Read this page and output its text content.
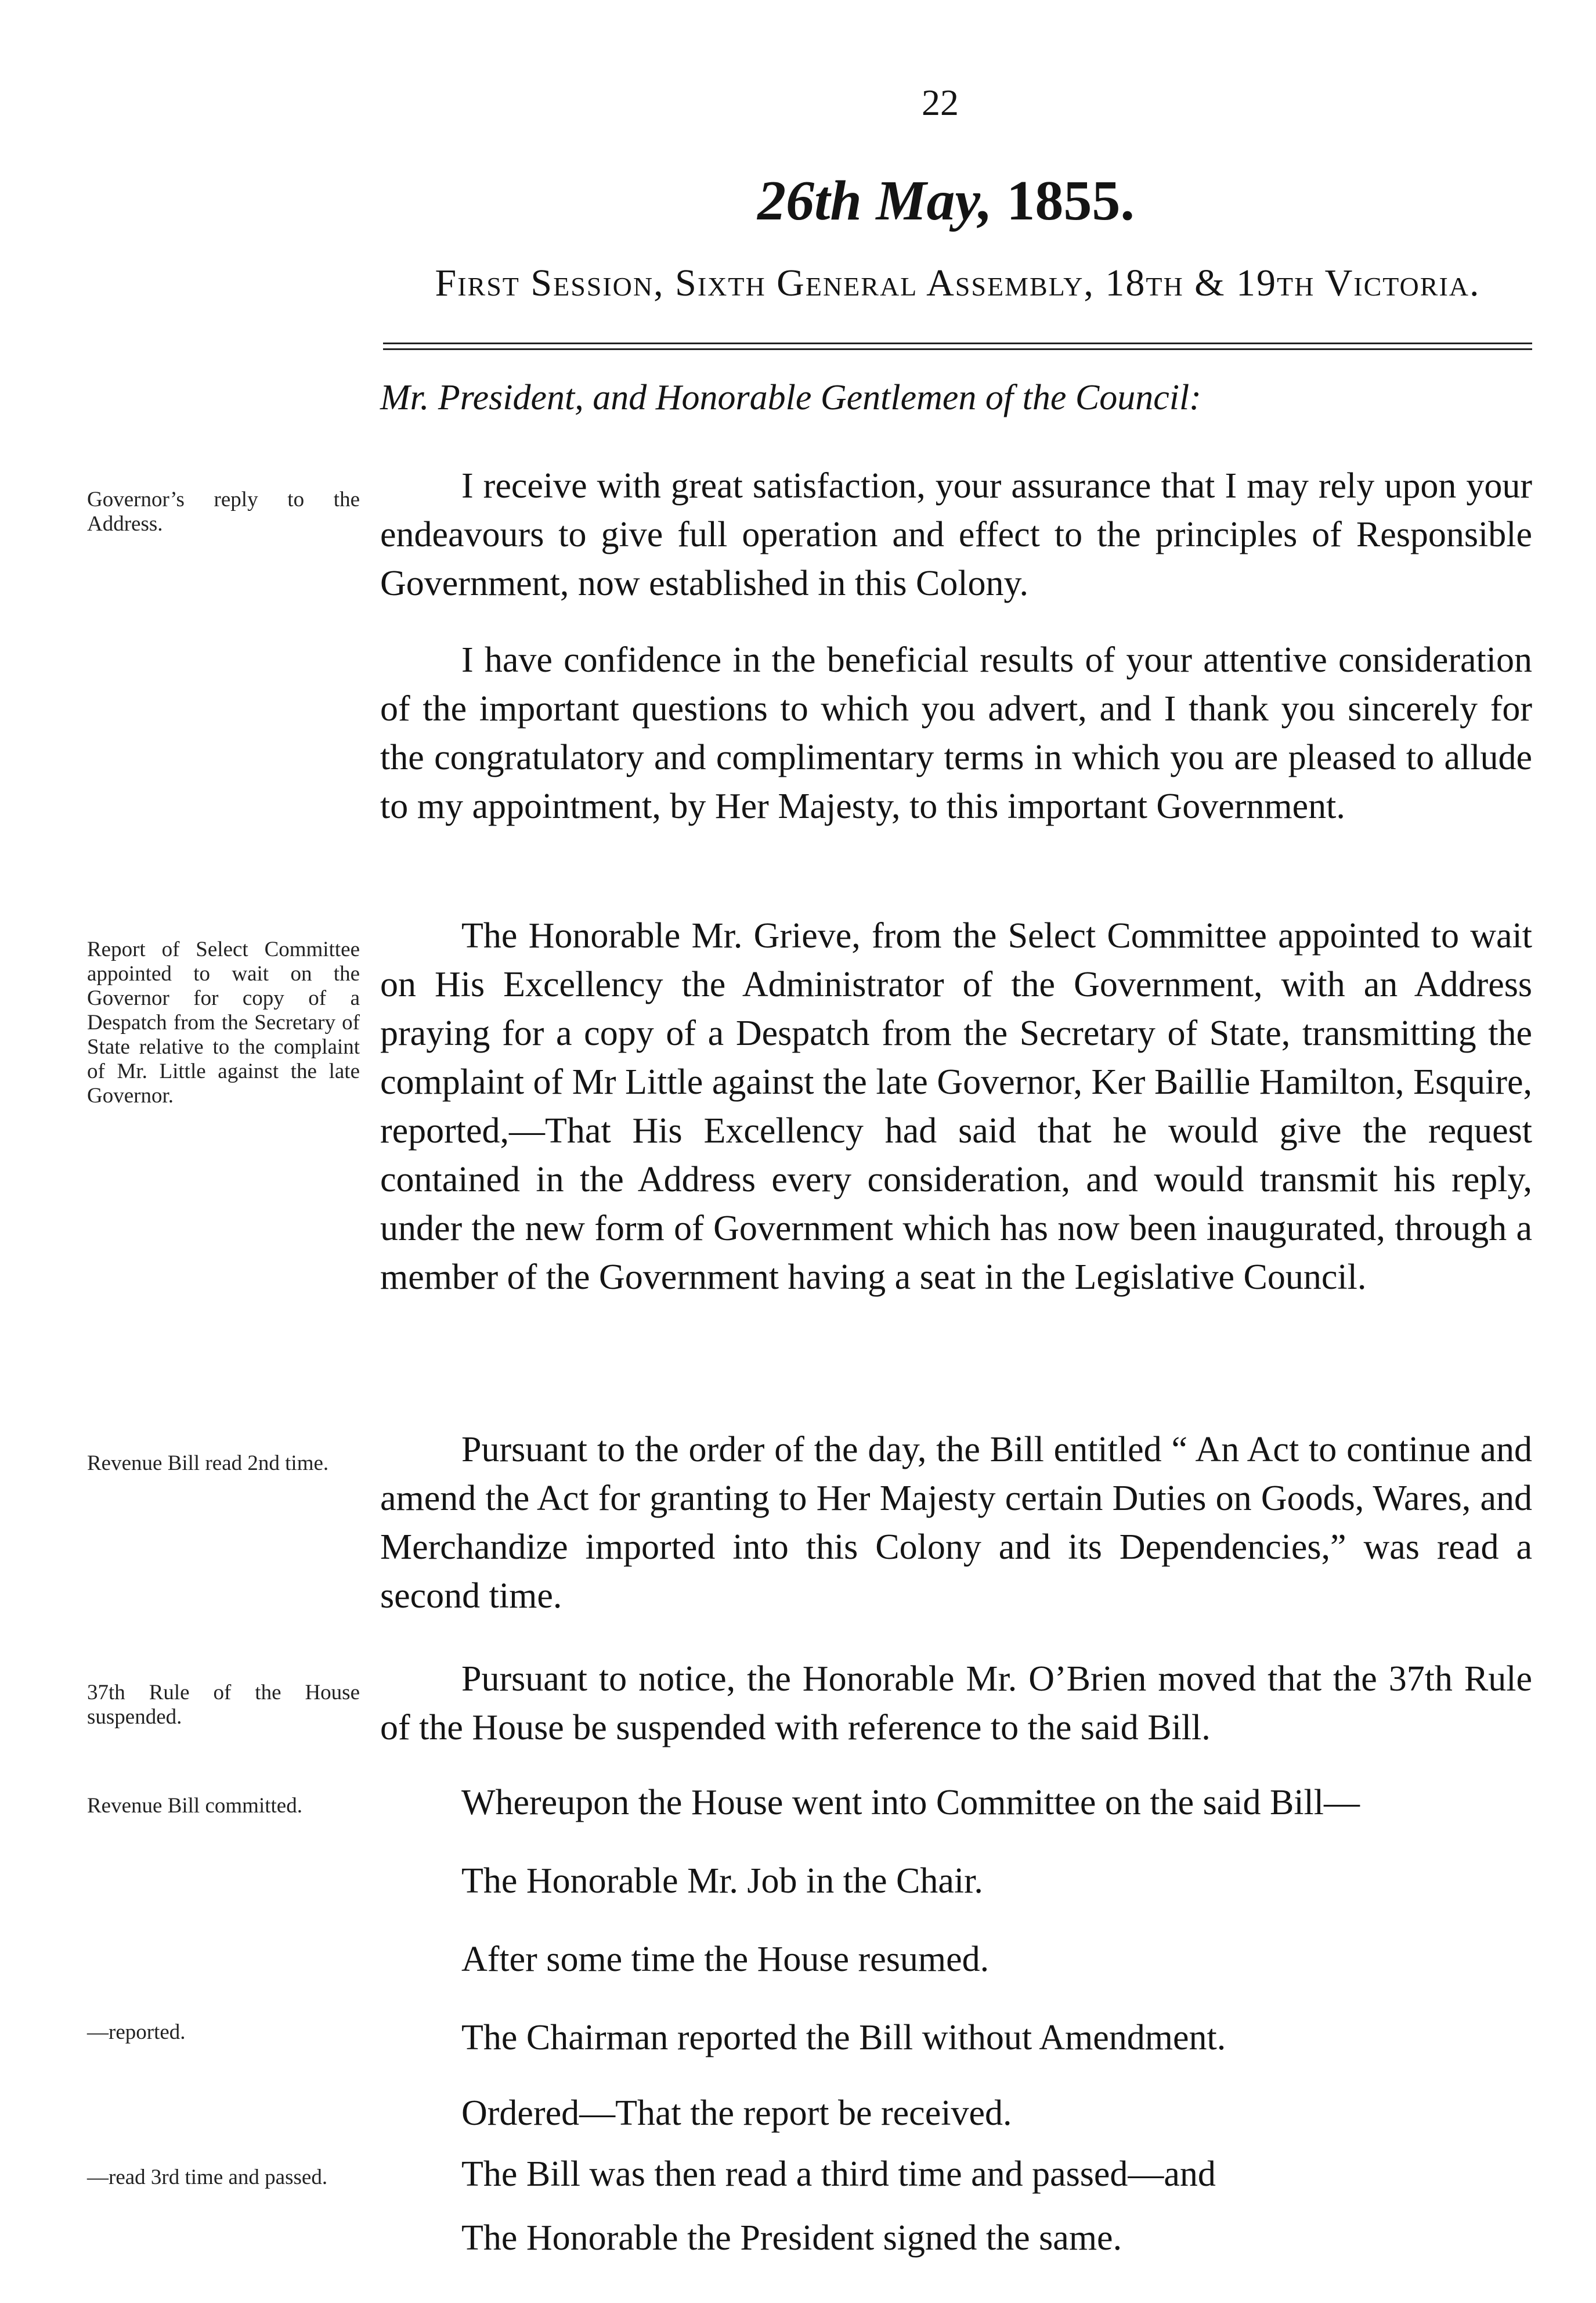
22
26th May, 1855.
First Session, Sixth General Assembly, 18th & 19th Victoria.
Mr. President, and Honorable Gentlemen of the Council:
I receive with great satisfaction, your assurance that I may rely upon your endeavours to give full operation and effect to the principles of Responsible Government, now established in this Colony.
I have confidence in the beneficial results of your attentive consideration of the important questions to which you advert, and I thank you sincerely for the congratulatory and complimentary terms in which you are pleased to allude to my appointment, by Her Majesty, to this important Government.
The Honorable Mr. Grieve, from the Select Committee appointed to wait on His Excellency the Administrator of the Government, with an Address praying for a copy of a Despatch from the Secretary of State, transmitting the complaint of Mr Little against the late Governor, Ker Baillie Hamilton, Esquire, reported,—That His Excellency had said that he would give the request contained in the Address every consideration, and would transmit his reply, under the new form of Government which has now been inaugurated, through a member of the Government having a seat in the Legislative Council.
Pursuant to the order of the day, the Bill entitled “ An Act to continue and amend the Act for granting to Her Majesty certain Duties on Goods, Wares, and Merchandize imported into this Colony and its Dependencies,” was read a second time.
Pursuant to notice, the Honorable Mr. O’Brien moved that the 37th Rule of the House be suspended with reference to the said Bill.
Whereupon the House went into Committee on the said Bill—
The Honorable Mr. Job in the Chair.
After some time the House resumed.
The Chairman reported the Bill without Amendment.
Ordered—That the report be received.
The Bill was then read a third time and passed—and
The Honorable the President signed the same.
Governor’s reply to the Address.
Report of Select Committee appointed to wait on the Governor for copy of a Despatch from the Secretary of State relative to the complaint of Mr. Little against the late Governor.
Revenue Bill read 2nd time.
37th Rule of the House suspended.
Revenue Bill committed.
—reported.
—read 3rd time and passed.
